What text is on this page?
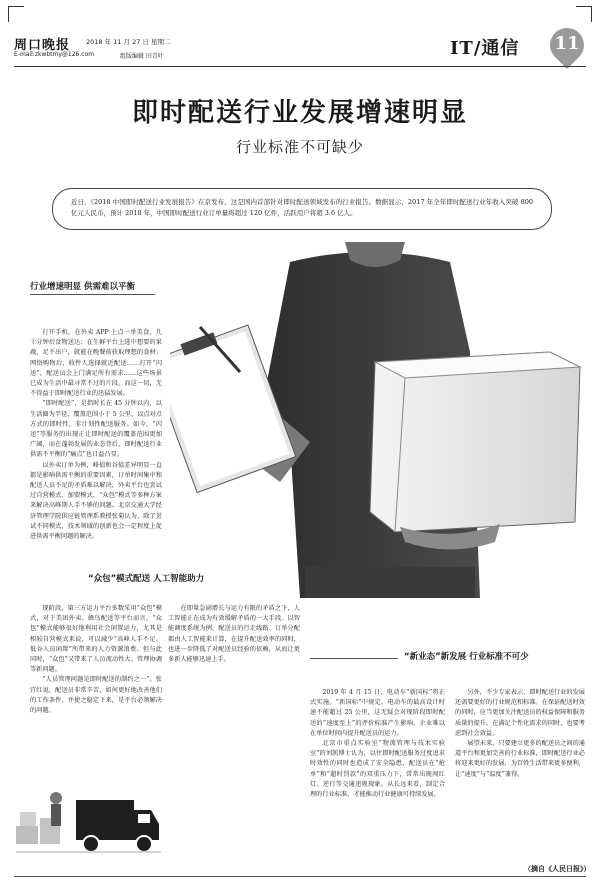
周口晚报 2018 年 11 月 27 日 星期二
E-mail:zkwbtmy@126.com	组版编辑 田青叶	IT/通信 11
即时配送行业发展增速明显
行业标准不可缺少
近日，《2018 中国即时配送行业发展报告》在京发布，这是国内首部针对即时配送领域发布的行业报告。数据显示，2017 年全年即时配送行业年收入突破 800 亿元人民币，预计 2018 年，中国即时配送行业订单量将超过 120 亿件，活跃用户将超 3.6 亿人。
行业增速明显 供需难以平衡

打开手机，在外卖 APP 上点一单美食，几十分钟后食物送达；在生鲜平台上选中想要的果蔬，足不出户，就能在晚餐前获取理想的食材；网络购物后，收件人选择就近配送……打开“闪送”，配送员会上门满足所有需求……这些场景已成为生活中最寻常不过的片段。而这一切，无不得益于即时配送行业的迅猛发展。

“即时配送”，是指时长在 45 分钟以内，以生活圈为半径，覆盖范围小于 5 公里，以点对点方式的即时性、非计划性配送服务。如今，“闪送”等服务的出现正让即时配送的覆盖范围更加广阔，而在蓬勃发展的业态背后，即时配送行业供需不平衡的“痛点”也日益凸显。

以外卖订单为例，峰值和谷值差异明显一直都是影响供需平衡的重要因素，订单时间集中和配送人员不足的矛盾难以解决，外卖平台也尝试过自营模式、加盟模式、“众包”模式等多种方案来解决高峰期人手不够的问题。北京交通大学经济管理学院供应链管理系教授张菊认为，除了尝试不同模式，技术领域的创新也会一定程度上促进供需平衡问题的解决。

“众包”模式配送 人工智能助力

现阶段，第三方运力平台多数采用“众包”模式，对于美团外卖、蜂鸟配送等平台而言，“众包”模式能够很好地利用社会闲置运力，尤其是相较自营模式来说，可以减少“高峰人手不足、低谷人员闲置”所带来的人力资源浪费。但与此同时，“众包”又带来了人员流动性大、管理协调等新问题。

“人员管理问题是即时配送的制约之一”。张宜红说，配送员非常辛苦，如何更好地改善他们的工作条件，并使之稳定下来，是平台必须解决的问题。

在即量急剧增长与运力有限的矛盾之下，人工智能正在成为有效缓解矛盾的一大手段。以智能调度系统为例，配送员的行走线路、订单分配都由人工智能来计算，在提升配送效率的同时，也进一步降低了对配送员经验的依赖，从而让更多新人能够迅速上手。	“新业态”新发展 行业标准不可少

2019 年 4 月 15 日，电动车“新国标”将正式实施。“新国标”中规定，电动车的最高设计时速不能超过 25 公里，这无疑会对现阶段即时配送的“速度至上”的评价标准产生影响，企业难以在单位时间内提升配送员的运力。

北京市重点实验室“物流管理与技术实验室”的刘凯博士认为，以往即时配送服务过度追求时效性的同时也造成了安全隐患，配送员在“抢单”和“超时罚款”的双重压力下，常常出现闯红灯、逆行等交通违规现象。从长远来看，制定合理的行业标准，才能推动行业健康可持续发展。

另外，不少专家表示，即时配送行业的发展还需要更好的行业规范和标准。在保证配送时效的同时，应当更加关注配送员的权益保障和服务质量的提升。在满足个性化需求的同时，也要考虑到社会效益。

展望未来，只要建立更多的配送员之间的通道平台和更加完善的行业标准，即时配送行业必将迎来更好的发展，为百姓生活带来更多便利，让“速度”与“温度”兼得。

（摘自《人民日报》）
